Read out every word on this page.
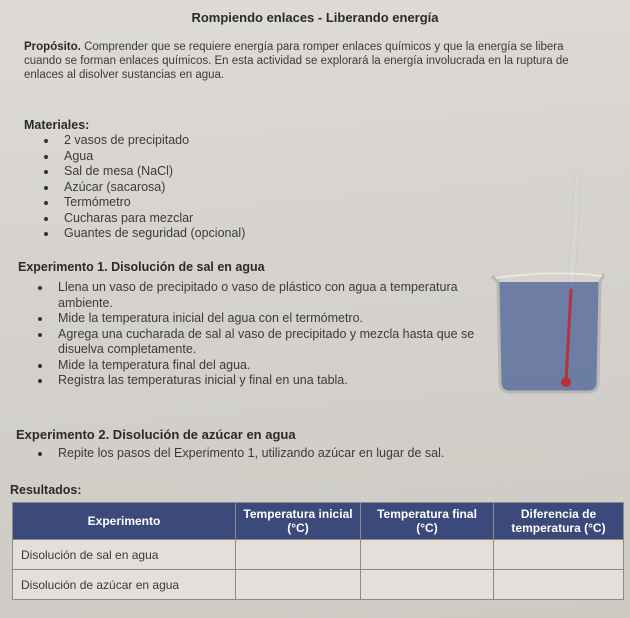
Rompiendo enlaces - Liberando energía
Propósito. Comprender que se requiere energía para romper enlaces químicos y que la energía se libera cuando se forman enlaces químicos. En esta actividad se explorará la energía involucrada en la ruptura de enlaces al disolver sustancias en agua.
Materiales:
2 vasos de precipitado
Agua
Sal de mesa (NaCl)
Azúcar (sacarosa)
Termómetro
Cucharas para mezclar
Guantes de seguridad (opcional)
Experimento 1. Disolución de sal en agua
Llena un vaso de precipitado o vaso de plástico con agua a temperatura ambiente.
Mide la temperatura inicial del agua con el termómetro.
Agrega una cucharada de sal al vaso de precipitado y mezcla hasta que se disuelva completamente.
Mide la temperatura final del agua.
Registra las temperaturas inicial y final en una tabla.
Experimento 2. Disolución de azúcar en agua
Repite los pasos del Experimento 1, utilizando azúcar en lugar de sal.
Resultados:
Experimento	Temperatura inicial (°C)	Temperatura final (°C)	Diferencia de temperatura (°C)
Disolución de sal en agua			
Disolución de azúcar en agua			
